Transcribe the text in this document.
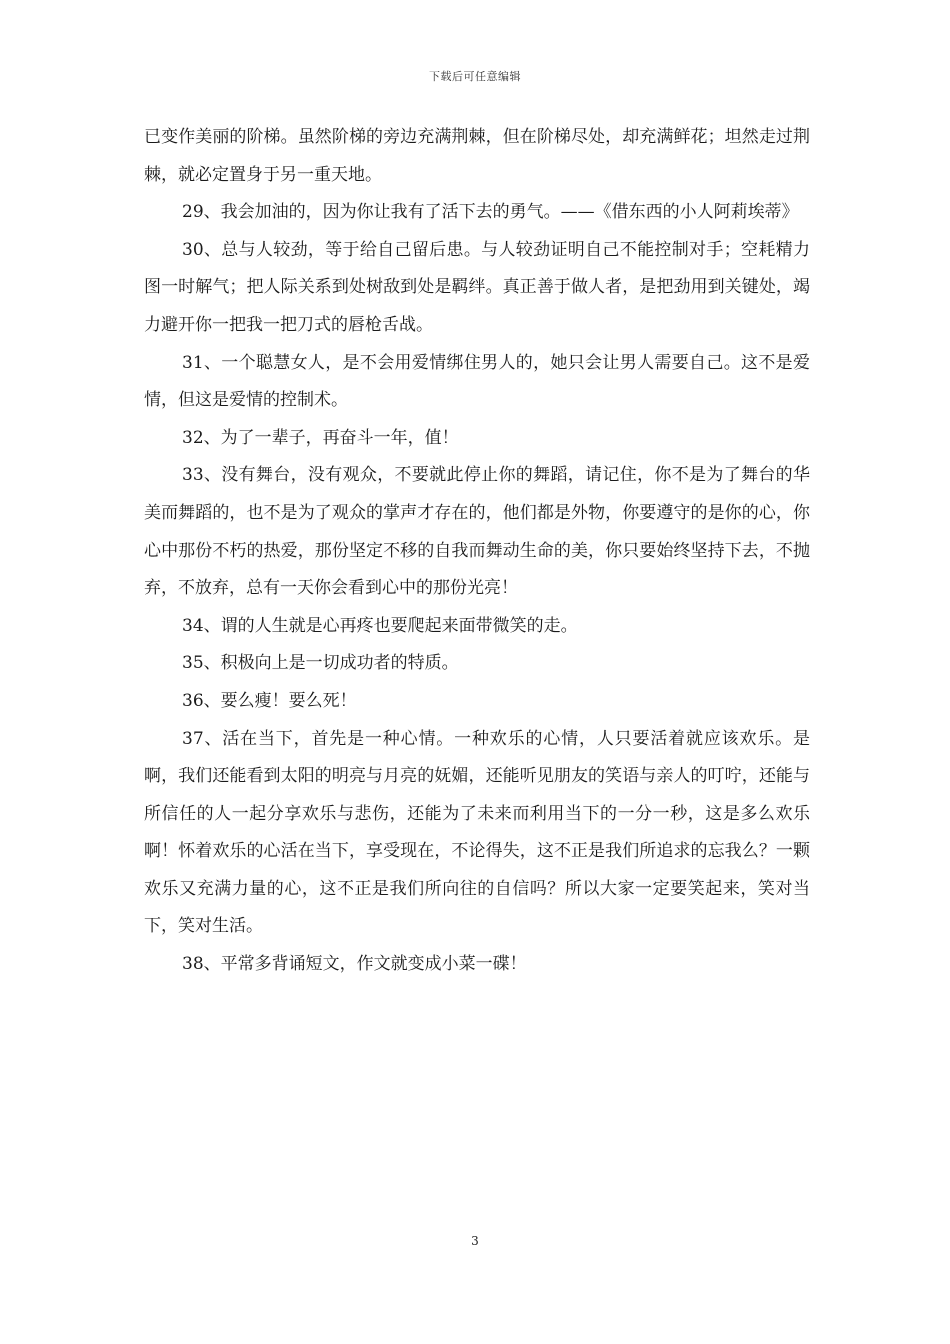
下载后可任意编辑

已变作美丽的阶梯。虽然阶梯的旁边充满荆棘，但在阶梯尽处，却充满鲜花；坦然走过荆棘，就必定置身于另一重天地。

29、我会加油的，因为你让我有了活下去的勇气。——《借东西的小人阿莉埃蒂》

30、总与人较劲，等于给自己留后患。与人较劲证明自己不能控制对手；空耗精力图一时解气；把人际关系到处树敌到处是羁绊。真正善于做人者，是把劲用到关键处，竭力避开你一把我一把刀式的唇枪舌战。

31、一个聪慧女人，是不会用爱情绑住男人的，她只会让男人需要自己。这不是爱情，但这是爱情的控制术。

32、为了一辈子，再奋斗一年，值！

33、没有舞台，没有观众，不要就此停止你的舞蹈，请记住，你不是为了舞台的华美而舞蹈的，也不是为了观众的掌声才存在的，他们都是外物，你要遵守的是你的心，你心中那份不朽的热爱，那份坚定不移的自我而舞动生命的美，你只要始终坚持下去，不抛弃，不放弃，总有一天你会看到心中的那份光亮！

34、谓的人生就是心再疼也要爬起来面带微笑的走。

35、积极向上是一切成功者的特质。

36、要么瘦！要么死！

37、活在当下，首先是一种心情。一种欢乐的心情，人只要活着就应该欢乐。是啊，我们还能看到太阳的明亮与月亮的妩媚，还能听见朋友的笑语与亲人的叮咛，还能与所信任的人一起分享欢乐与悲伤，还能为了未来而利用当下的一分一秒，这是多么欢乐啊！怀着欢乐的心活在当下，享受现在，不论得失，这不正是我们所追求的忘我么？一颗欢乐又充满力量的心，这不正是我们所向往的自信吗？所以大家一定要笑起来，笑对当下，笑对生活。

38、平常多背诵短文，作文就变成小菜一碟！

3
